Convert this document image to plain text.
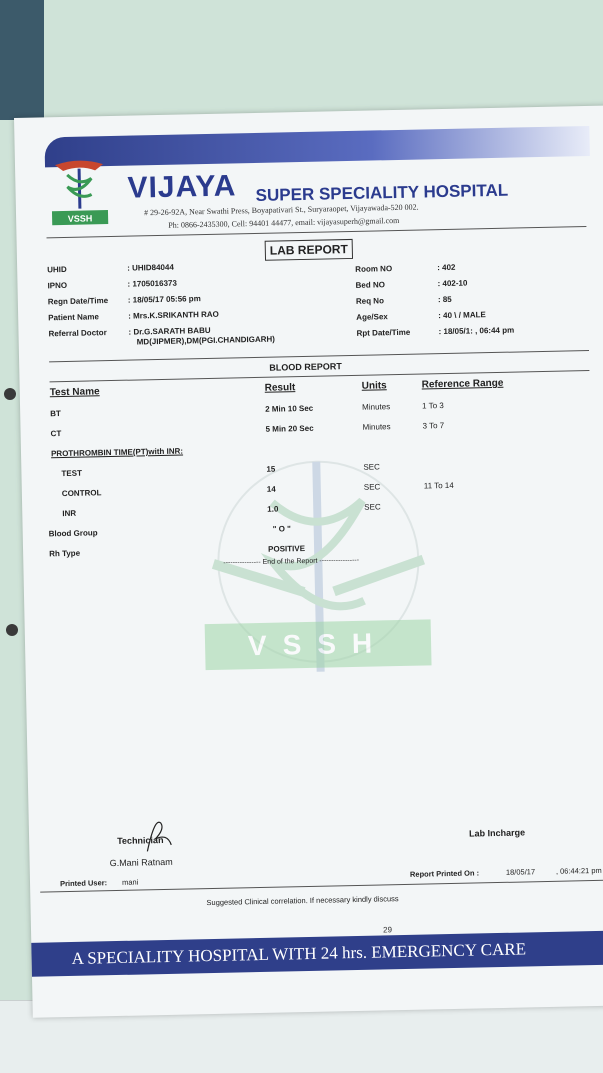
VSSH
VIJAYA SUPER SPECIALITY HOSPITAL
# 29-26-92A, Near Swathi Press, Boyapativari St., Suryaraopet, Vijayawada-520 002.
Ph: 0866-2435300, Cell: 94401 44477, email: vijayasuperh@gmail.com
LAB REPORT
UHID	: UHID84044
IPNO	: 1705016373
Regn Date/Time : 18/05/17 05:56 pm
Patient Name	: Mrs.K.SRIKANTH RAO
Referral Doctor	: Dr.G.SARATH BABU
MD(JIPMER),DM(PGI.CHANDIGARH)
Room NO	: 402
Bed NO	: 402-10
Req No	: 85
Age/Sex	: 40 \ / MALE
Rpt Date/Time	: 18/05/1: , 06:44 pm
BLOOD REPORT
VSSH
Test Name	Result	Units	Reference Range
BT	2 Min 10 Sec	Minutes	1 To 3
CT	5 Min 20 Sec	Minutes	3 To 7
PROTHROMBIN TIME(PT)with INR:
TEST	15	SEC
CONTROL	14	SEC	11 To 14
INR	1.0	SEC
Blood Group	" O "
Rh Type	POSITIVE
---------------- End of the Report -----------------
Technician
G.Mani Ratnam
Lab Incharge
Printed User: mani
Report Printed On :	18/05/17	, 06:44:21 pm
Suggested Clinical correlation. If necessary kindly discuss
29
A SPECIALITY HOSPITAL WITH 24 hrs. EMERGENCY CARE
